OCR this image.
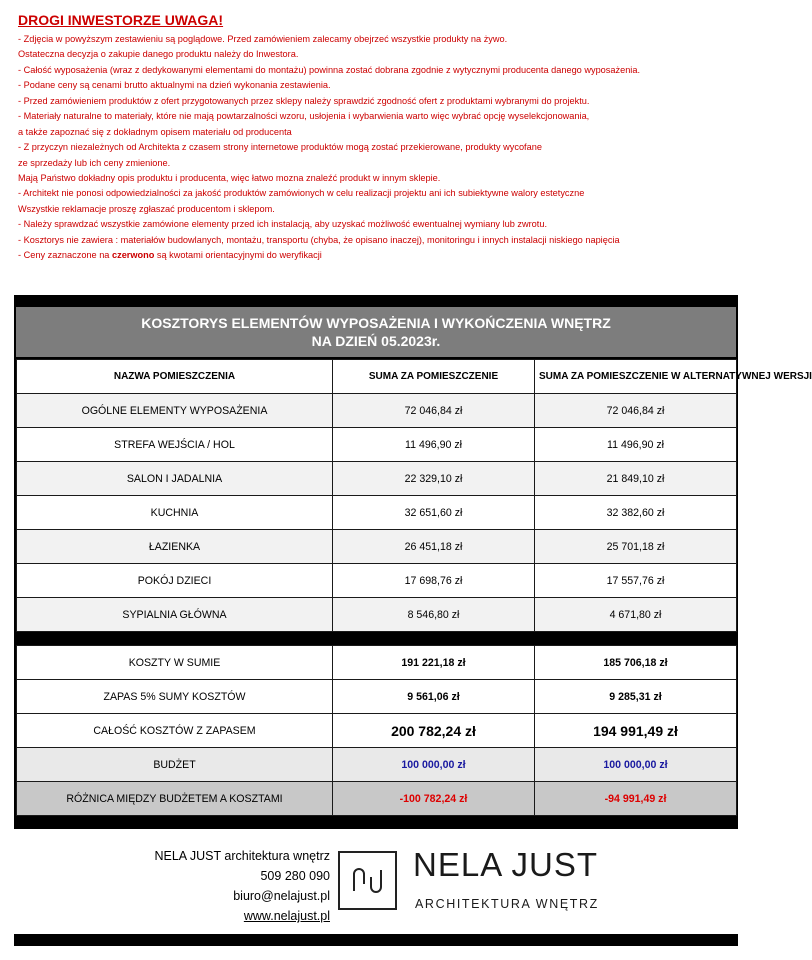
DROGI INWESTORZE UWAGA!
- Zdjęcia w powyższym zestawieniu są poglądowe. Przed zamówieniem zalecamy obejrzeć wszystkie produkty na żywo.
Ostateczna decyzja o zakupie danego produktu należy do Inwestora.
- Całość wyposażenia (wraz z dedykowanymi elementami do montażu) powinna zostać dobrana zgodnie z wytycznymi producenta danego wyposażenia.
- Podane ceny są cenami brutto aktualnymi na dzień wykonania zestawienia.
- Przed zamówieniem produktów z ofert przygotowanych przez sklepy należy sprawdzić zgodność ofert z produktami wybranymi do projektu.
- Materiały naturalne to materiały, które nie mają powtarzalności wzoru, usłojenia i wybarwienia warto więc wybrać opcję wyselekcjonowania,
a także zapoznać się z dokładnym opisem materiału od producenta
- Z przyczyn niezależnych od Architekta z czasem strony internetowe produktów mogą zostać przekierowane, produkty wycofane
ze sprzedaży lub ich ceny zmienione.
Mają Państwo dokładny opis produktu i producenta, więc łatwo mozna znaleźć produkt w innym sklepie.
- Architekt nie ponosi odpowiedzialności za jakość produktów zamówionych w celu realizacji projektu ani ich subiektywne walory estetyczne
Wszystkie reklamacje proszę zgłaszać producentom i sklepom.
- Należy sprawdzać wszystkie zamówione elementy przed ich instalacją, aby uzyskać możliwość ewentualnej wymiany lub zwrotu.
- Kosztorys nie zawiera : materiałów budowlanych, montażu, transportu (chyba, że opisano inaczej), monitoringu i innych instalacji niskiego napięcia
- Ceny zaznaczone na czerwono są kwotami orientacyjnymi do weryfikacji
KOSZTORYS ELEMENTÓW WYPOSAŻENIA I WYKOŃCZENIA WNĘTRZ
NA DZIEŃ 05.2023r.
NAZWA POMIESZCZENIA	SUMA ZA POMIESZCZENIE	SUMA ZA POMIESZCZENIE W ALTERNATYWNEJ WERSJI
OGÓLNE ELEMENTY WYPOSAŻENIA	72 046,84 zł	72 046,84 zł
STREFA WEJŚCIA / HOL	11 496,90 zł	11 496,90 zł
SALON I JADALNIA	22 329,10 zł	21 849,10 zł
KUCHNIA	32 651,60 zł	32 382,60 zł
ŁAZIENKA	26 451,18 zł	25 701,18 zł
POKÓJ DZIECI	17 698,76 zł	17 557,76 zł
SYPIALNIA GŁÓWNA	8 546,80 zł	4 671,80 zł
KOSZTY W SUMIE	191 221,18 zł	185 706,18 zł
ZAPAS 5% SUMY KOSZTÓW	9 561,06 zł	9 285,31 zł
CAŁOŚĆ KOSZTÓW Z ZAPASEM	200 782,24 zł	194 991,49 zł
BUDŻET	100 000,00 zł	100 000,00 zł
RÓŻNICA MIĘDZY BUDŻETEM A KOSZTAMI	-100 782,24 zł	-94 991,49 zł
NELA JUST architektura wnętrz
509 280 090
biuro@nelajust.pl
www.nelajust.pl
NELA JUST
ARCHITEKTURA WNĘTRZ
